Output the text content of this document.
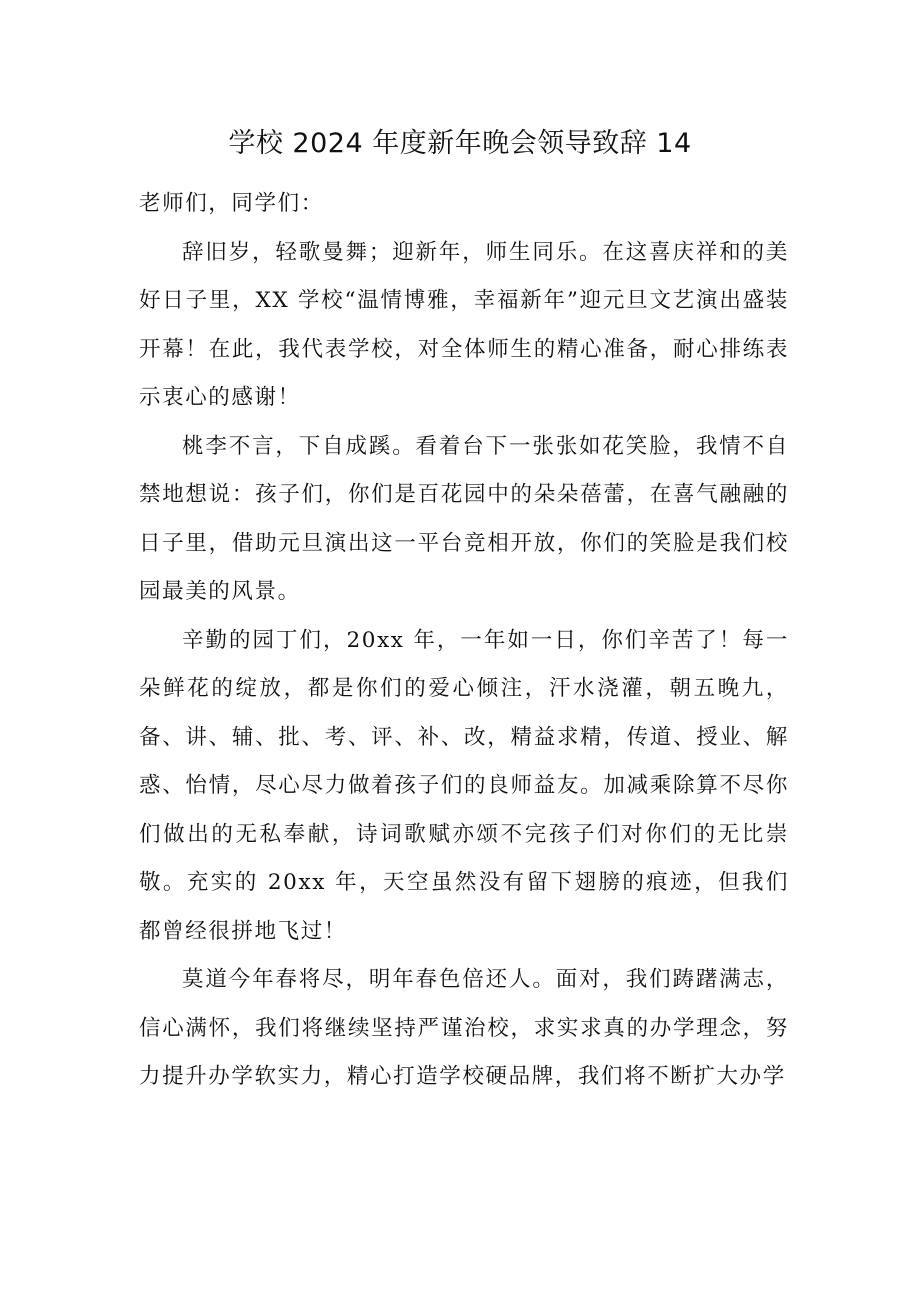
学校 2024 年度新年晚会领导致辞 14

老师们，同学们：

辞旧岁，轻歌曼舞；迎新年，师生同乐。在这喜庆祥和的美好日子里，XX 学校“温情博雅，幸福新年”迎元旦文艺演出盛装开幕！在此，我代表学校，对全体师生的精心准备，耐心排练表示衷心的感谢！

桃李不言，下自成蹊。看着台下一张张如花笑脸，我情不自禁地想说：孩子们，你们是百花园中的朵朵蓓蕾，在喜气融融的日子里，借助元旦演出这一平台竞相开放，你们的笑脸是我们校园最美的风景。

辛勤的园丁们，20xx 年，一年如一日，你们辛苦了！每一朵鲜花的绽放，都是你们的爱心倾注，汗水浇灌，朝五晚九，备、讲、辅、批、考、评、补、改，精益求精，传道、授业、解惑、怡情，尽心尽力做着孩子们的良师益友。加减乘除算不尽你们做出的无私奉献，诗词歌赋亦颂不完孩子们对你们的无比崇敬。充实的 20xx 年，天空虽然没有留下翅膀的痕迹，但我们都曾经很拼地飞过！

莫道今年春将尽，明年春色倍还人。面对，我们踌躇满志，信心满怀，我们将继续坚持严谨治校，求实求真的办学理念，努力提升办学软实力，精心打造学校硬品牌，我们将不断扩大办学
